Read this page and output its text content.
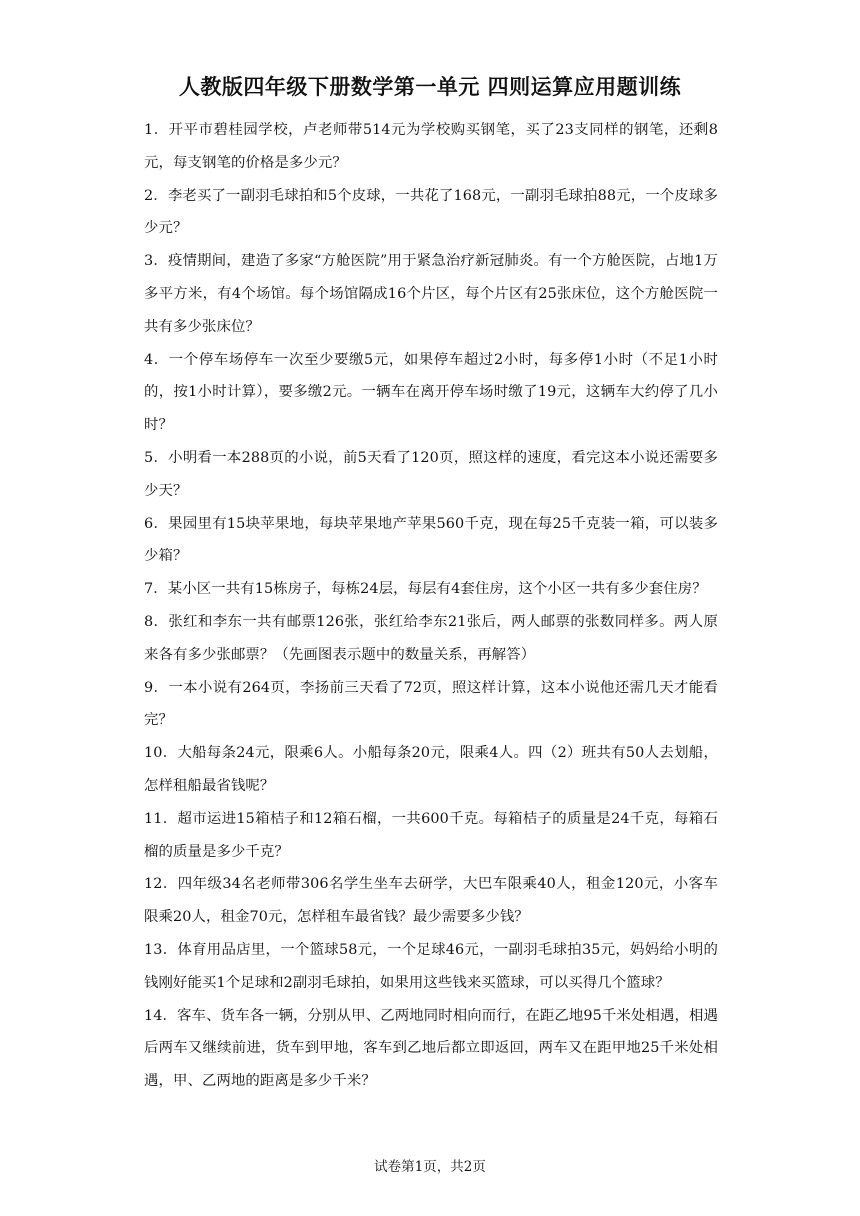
人教版四年级下册数学第一单元 四则运算应用题训练

1．开平市碧桂园学校，卢老师带514元为学校购买钢笔，买了23支同样的钢笔，还剩8元，每支钢笔的价格是多少元？

2．李老买了一副羽毛球拍和5个皮球，一共花了168元，一副羽毛球拍88元，一个皮球多少元？

3．疫情期间，建造了多家“方舱医院”用于紧急治疗新冠肺炎。有一个方舱医院，占地1万多平方米，有4个场馆。每个场馆隔成16个片区，每个片区有25张床位，这个方舱医院一共有多少张床位？

4．一个停车场停车一次至少要缴5元，如果停车超过2小时，每多停1小时（不足1小时的，按1小时计算），要多缴2元。一辆车在离开停车场时缴了19元，这辆车大约停了几小时？

5．小明看一本288页的小说，前5天看了120页，照这样的速度，看完这本小说还需要多少天？

6．果园里有15块苹果地，每块苹果地产苹果560千克，现在每25千克装一箱，可以装多少箱？

7．某小区一共有15栋房子，每栋24层，每层有4套住房，这个小区一共有多少套住房？

8．张红和李东一共有邮票126张，张红给李东21张后，两人邮票的张数同样多。两人原来各有多少张邮票？（先画图表示题中的数量关系，再解答）

9．一本小说有264页，李扬前三天看了72页，照这样计算，这本小说他还需几天才能看完？

10．大船每条24元，限乘6人。小船每条20元，限乘4人。四（2）班共有50人去划船，怎样租船最省钱呢？

11．超市运进15箱桔子和12箱石榴，一共600千克。每箱桔子的质量是24千克，每箱石榴的质量是多少千克？

12．四年级34名老师带306名学生坐车去研学，大巴车限乘40人，租金120元，小客车限乘20人，租金70元，怎样租车最省钱？最少需要多少钱？

13．体育用品店里，一个篮球58元，一个足球46元，一副羽毛球拍35元，妈妈给小明的钱刚好能买1个足球和2副羽毛球拍，如果用这些钱来买篮球，可以买得几个篮球？

14．客车、货车各一辆，分别从甲、乙两地同时相向而行，在距乙地95千米处相遇，相遇后两车又继续前进，货车到甲地，客车到乙地后都立即返回，两车又在距甲地25千米处相遇，甲、乙两地的距离是多少千米？

试卷第1页，共2页
